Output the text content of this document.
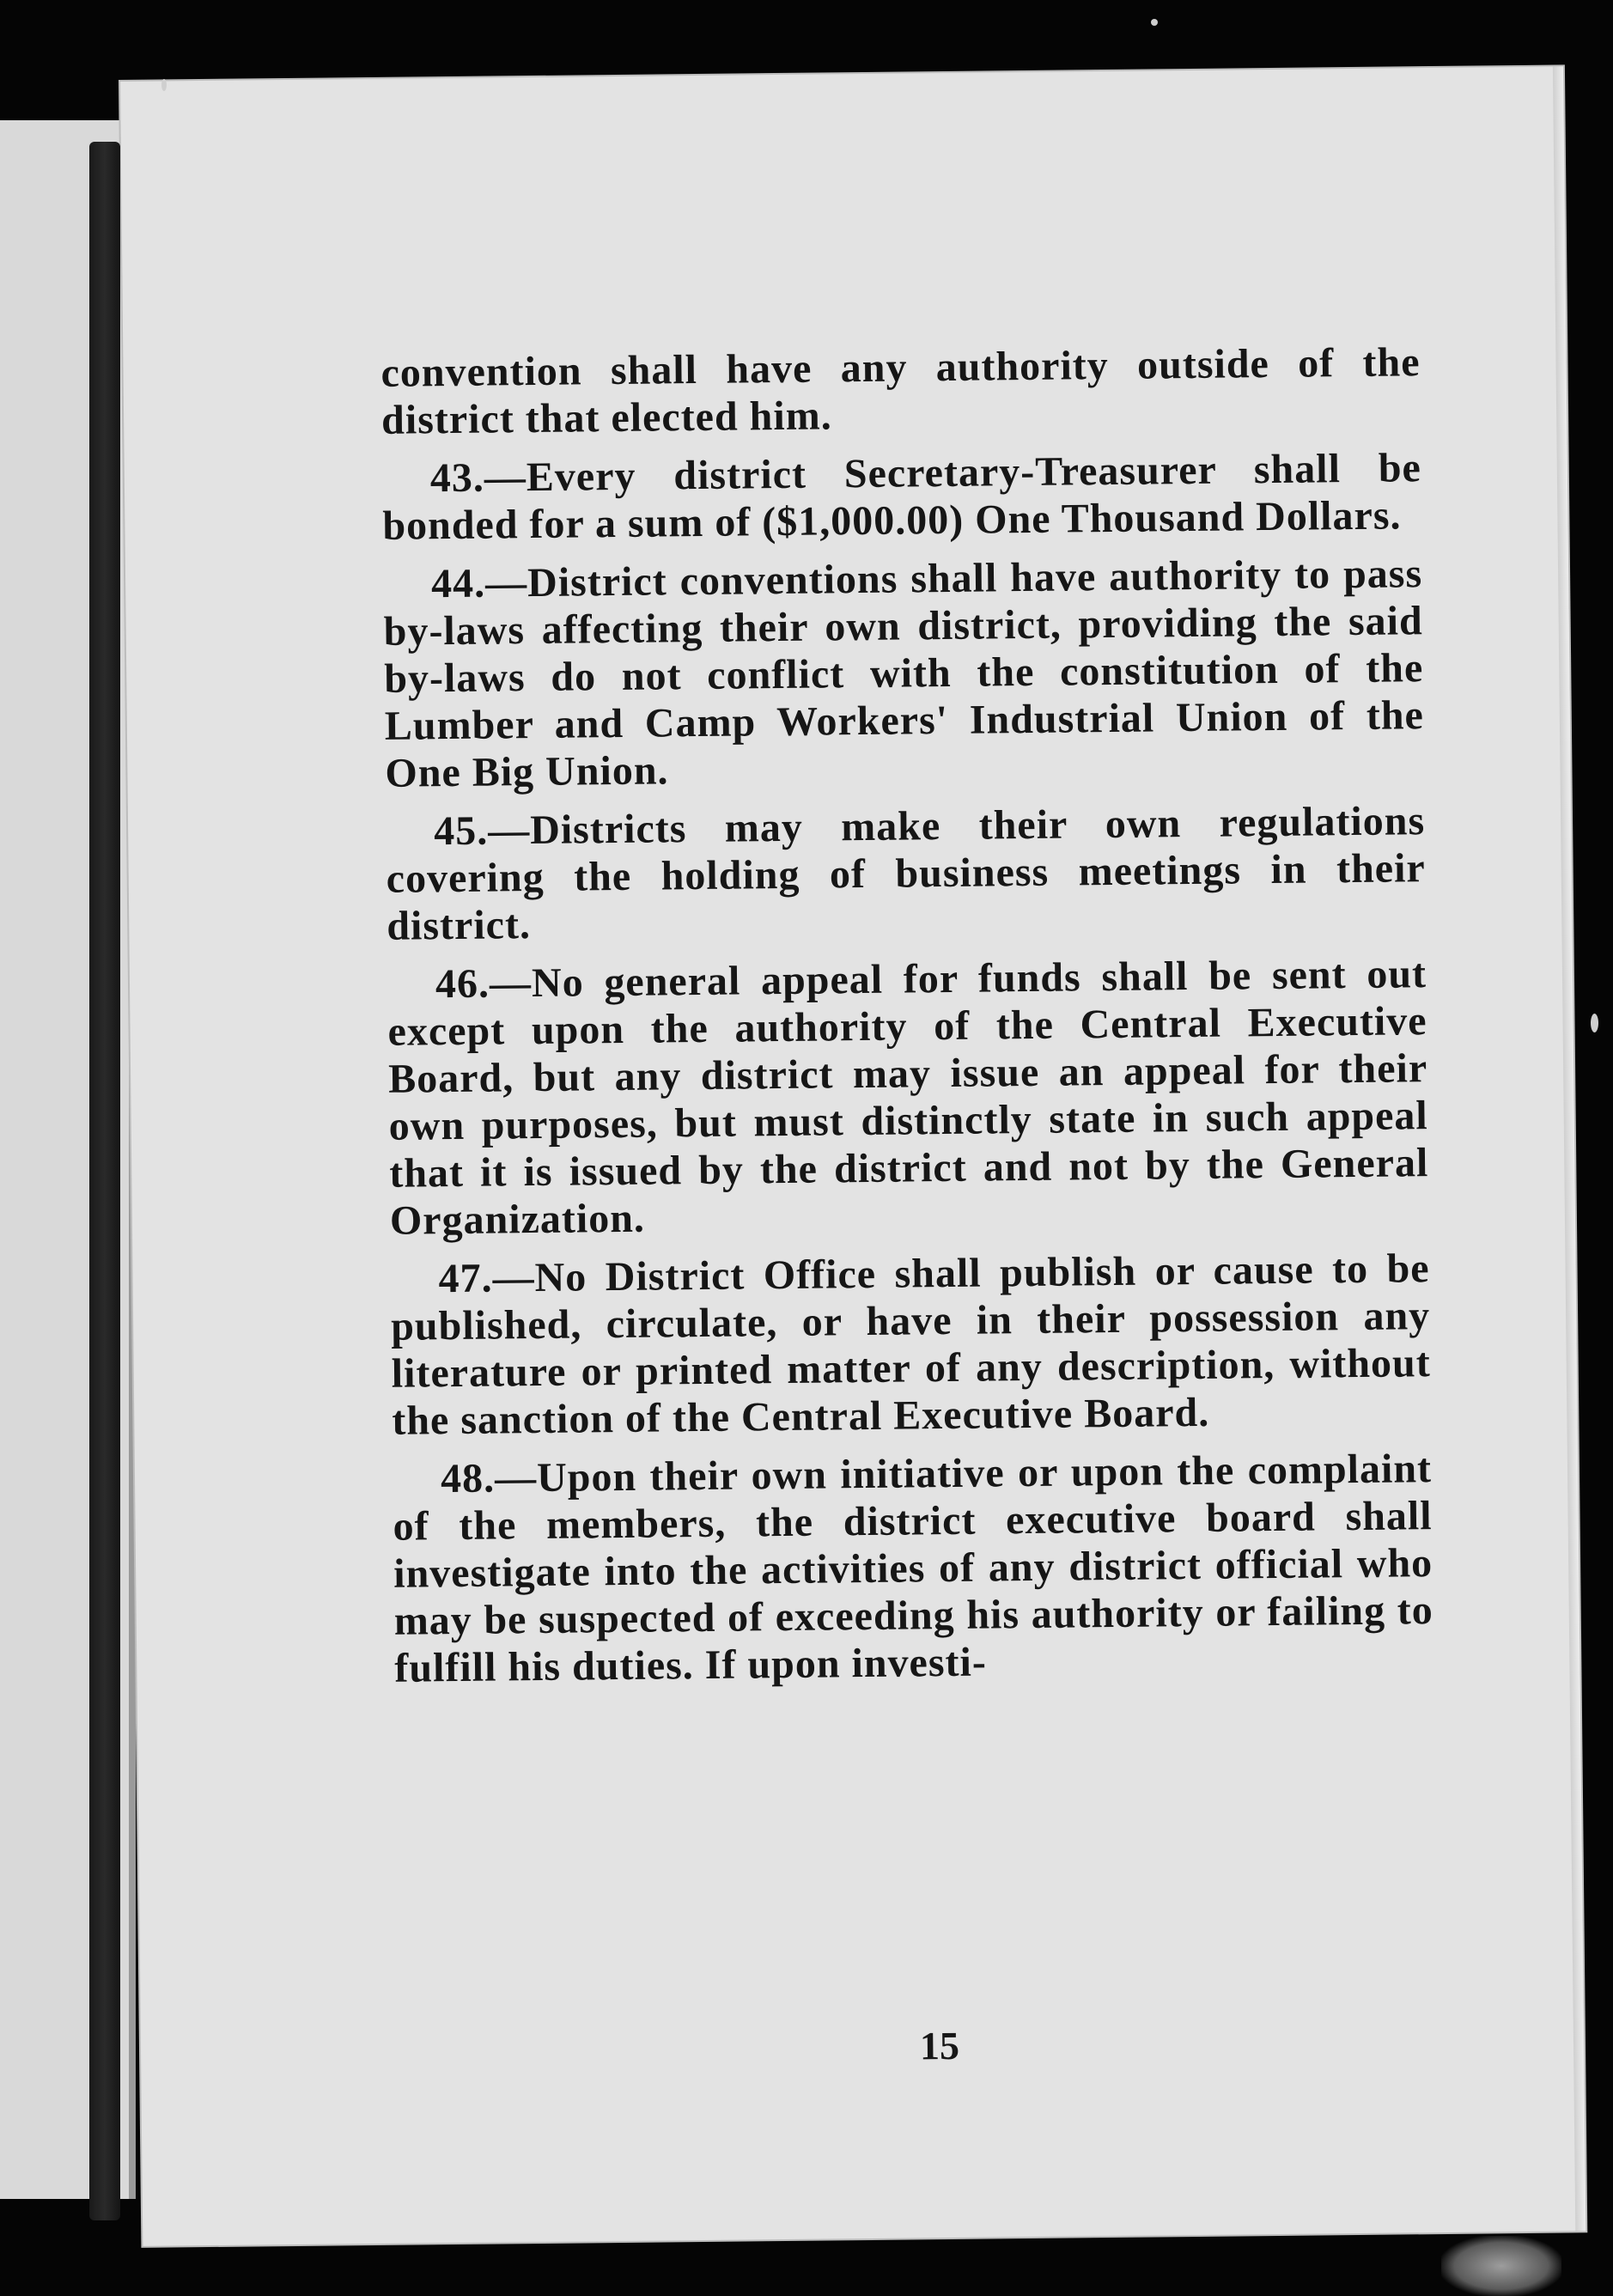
convention shall have any authority outside of the district that elected him.

43.—Every district Secretary-Treasurer shall be bonded for a sum of ($1,000.00) One Thousand Dollars.

44.—District conventions shall have authority to pass by-laws affecting their own district, providing the said by-laws do not conflict with the constitution of the Lumber and Camp Workers' Industrial Union of the One Big Union.

45.—Districts may make their own regulations covering the holding of business meetings in their district.

46.—No general appeal for funds shall be sent out except upon the authority of the Central Executive Board, but any district may issue an appeal for their own purposes, but must distinctly state in such appeal that it is issued by the district and not by the General Organization.

47.—No District Office shall publish or cause to be published, circulate, or have in their possession any literature or printed matter of any description, without the sanction of the Central Executive Board.

48.—Upon their own initiative or upon the complaint of the members, the district executive board shall investigate into the activities of any district official who may be suspected of exceeding his authority or failing to fulfill his duties. If upon investi-

15
